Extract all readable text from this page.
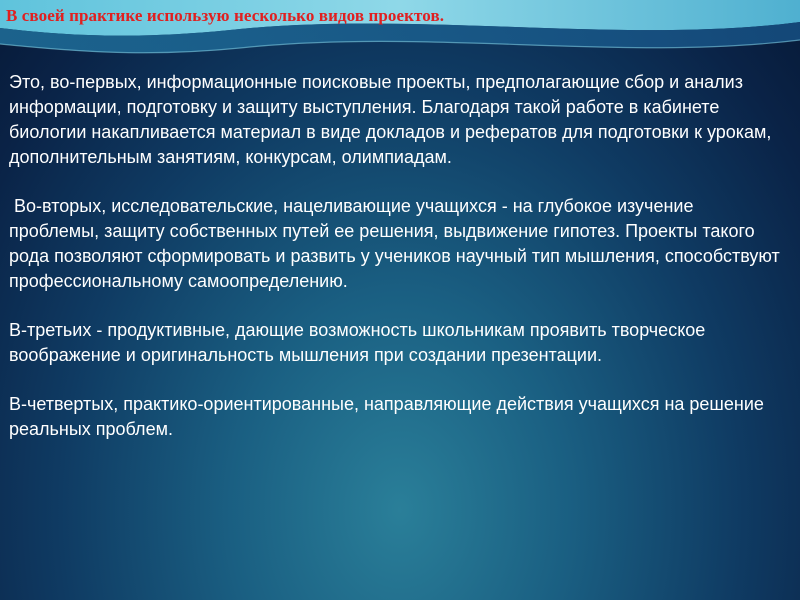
В своей практике использую несколько видов проектов.

Это, во-первых, информационные поисковые проекты, предполагающие сбор и анализ информации, подготовку и защиту выступления. Благодаря такой работе в кабинете биологии накапливается материал в виде докладов и рефератов для подготовки к урокам, дополнительным занятиям, конкурсам, олимпиадам.

Во-вторых, исследовательские, нацеливающие учащихся - на глубокое изучение проблемы, защиту собственных путей ее решения, выдвижение гипотез. Проекты такого рода позволяют сформировать и развить у учеников научный тип мышления, способствуют профессиональному самоопределению.

В-третьих - продуктивные, дающие возможность школьникам проявить творческое воображение и оригинальность мышления при создании презентации.

В-четвертых, практико-ориентированные, направляющие действия учащихся на решение реальных проблем.
